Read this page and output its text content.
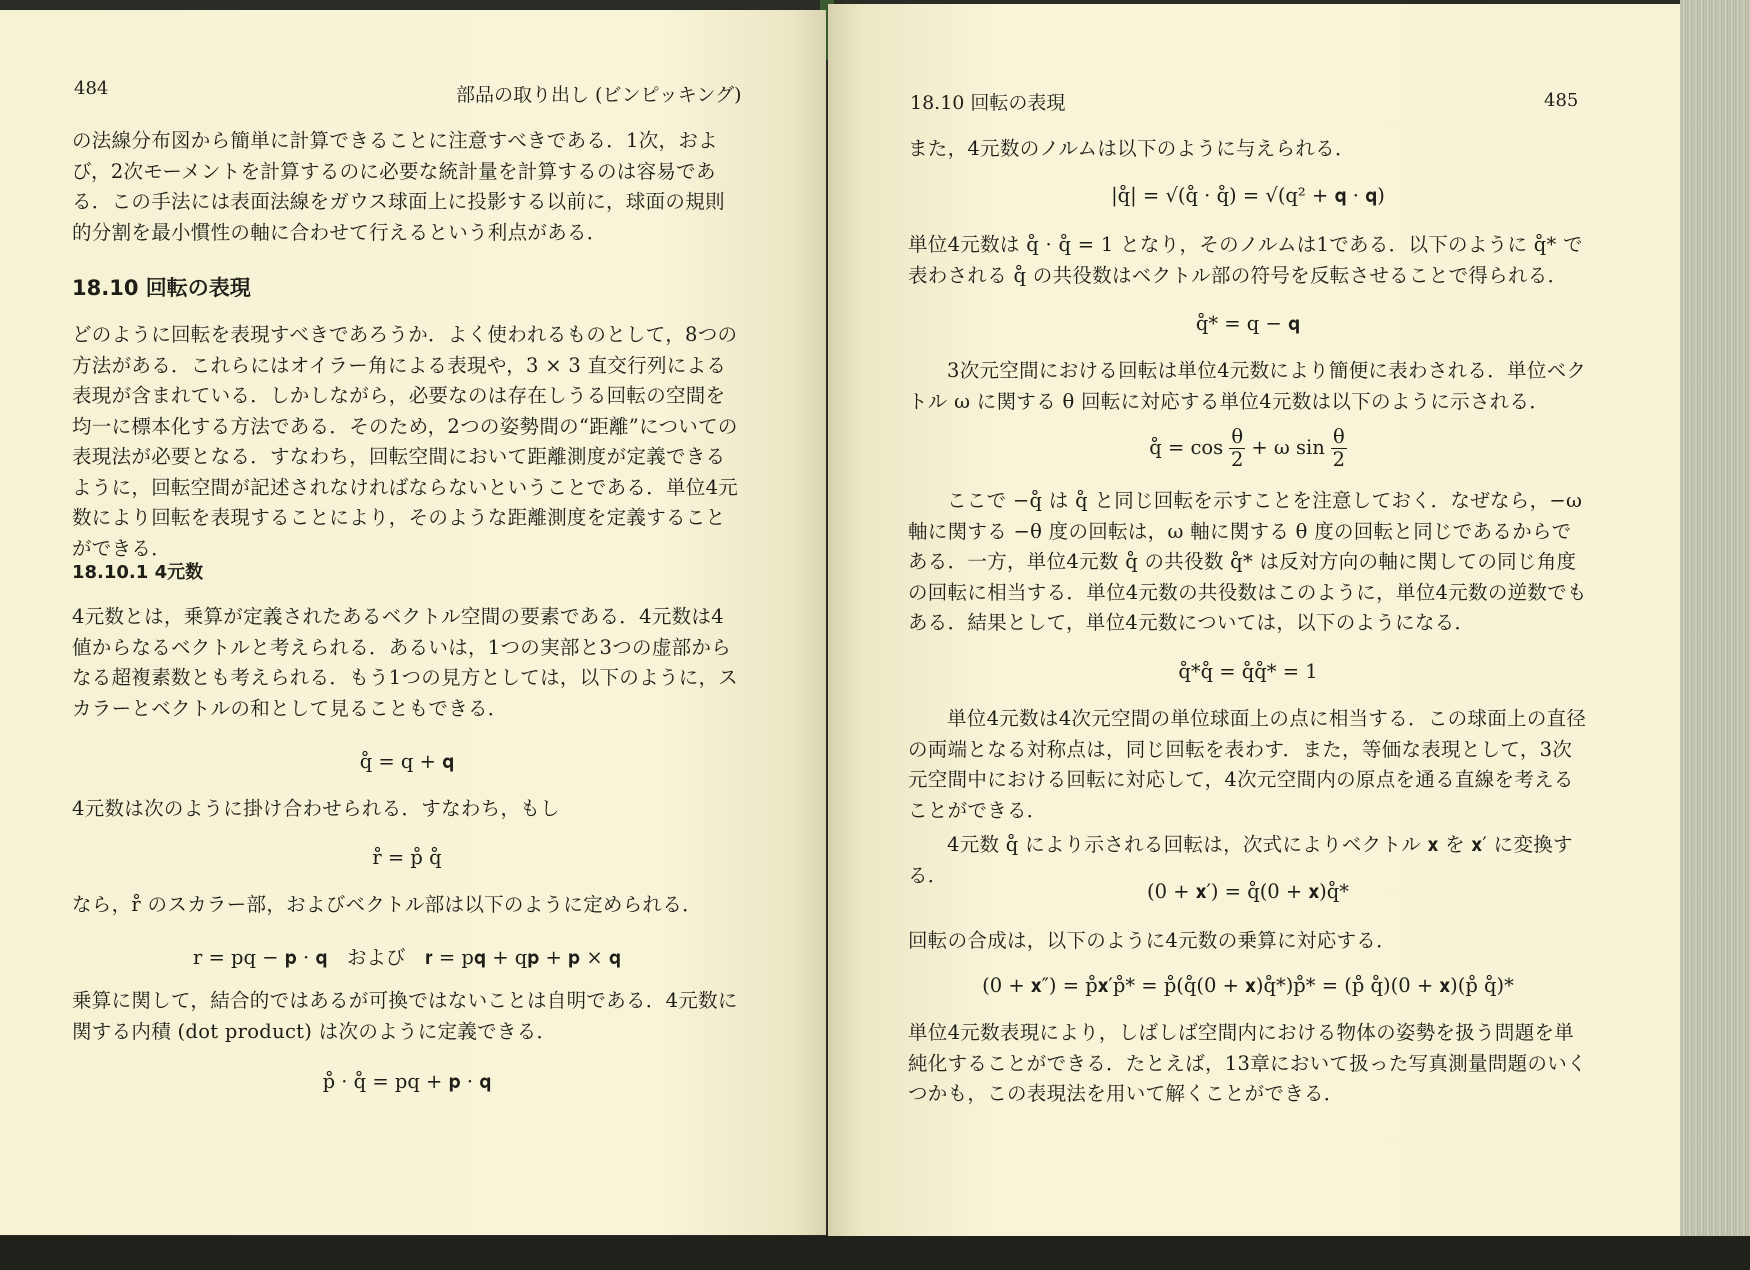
484	部品の取り出し (ビンピッキング)

の法線分布図から簡単に計算できることに注意すべきである．1次，および，2次モーメントを計算するのに必要な統計量を計算するのは容易である．この手法には表面法線をガウス球面上に投影する以前に，球面の規則的分割を最小慣性の軸に合わせて行えるという利点がある．

18.10 回転の表現

どのように回転を表現すべきであろうか．よく使われるものとして，8つの方法がある．これらにはオイラー角による表現や，3 × 3 直交行列による表現が含まれている．しかしながら，必要なのは存在しうる回転の空間を均一に標本化する方法である．そのため，2つの姿勢間の“距離”についての表現法が必要となる．すなわち，回転空間において距離測度が定義できるように，回転空間が記述されなければならないということである．単位4元数により回転を表現することにより，そのような距離測度を定義することができる．

18.10.1 4元数

4元数とは，乗算が定義されたあるベクトル空間の要素である．4元数は4値からなるベクトルと考えられる．あるいは，1つの実部と3つの虚部からなる超複素数とも考えられる．もう1つの見方としては，以下のように，スカラーとベクトルの和として見ることもできる．

q̊ = q + 𝐪
4元数は次のように掛け合わせられる．すなわち，もし
r̊ = p̊ q̊
なら，r̊ のスカラー部，およびベクトル部は以下のように定められる．
r = pq − 𝐩 · 𝐪　および　𝐫 = p𝐪 + q𝐩 + 𝐩 × 𝐪

乗算に関して，結合的ではあるが可換ではないことは自明である．4元数に関する内積 (dot product) は次のように定義できる．

p̊ · q̊ = pq + 𝐩 · 𝐪
18.10 回転の表現	485
また，4元数のノルムは以下のように与えられる．
|q̊| = √(q̊ · q̊) = √(q² + 𝐪 · 𝐪)

単位4元数は q̊ · q̊ = 1 となり，そのノルムは1である．以下のように q̊* で表わされる q̊ の共役数はベクトル部の符号を反転させることで得られる．

q̊* = q − 𝐪

3次元空間における回転は単位4元数により簡便に表わされる．単位ベクトル ω に関する θ 回転に対応する単位4元数は以下のように示される．

q̊ = $\cos \frac{\theta}{2} + \omega$ $\sin \frac{\theta}{2}$

ここで −q̊ は q̊ と同じ回転を示すことを注意しておく．なぜなら，−ω 軸に関する −θ 度の回転は，ω 軸に関する θ 度の回転と同じであるからである．一方，単位4元数 q̊ の共役数 q̊* は反対方向の軸に関しての同じ角度の回転に相当する．単位4元数の共役数はこのように，単位4元数の逆数でもある．結果として，単位4元数については，以下のようになる．

q̊*q̊ = q̊q̊* = 1

単位4元数は4次元空間の単位球面上の点に相当する．この球面上の直径の両端となる対称点は，同じ回転を表わす．また，等価な表現として，3次元空間中における回転に対応して，4次元空間内の原点を通る直線を考えることができる．

4元数 q̊ により示される回転は，次式によりベクトル 𝐱 を 𝐱′ に変換する．

(0 + 𝐱′) = q̊(0 + 𝐱)q̊*
回転の合成は，以下のように4元数の乗算に対応する．
(0 + 𝐱″) = p̊𝐱′p̊* = p̊(q̊(0 + 𝐱)q̊*)p̊* = (p̊ q̊)(0 + 𝐱)(p̊ q̊)*

単位4元数表現により，しばしば空間内における物体の姿勢を扱う問題を単純化することができる．たとえば，13章において扱った写真測量問題のいくつかも，この表現法を用いて解くことができる．
